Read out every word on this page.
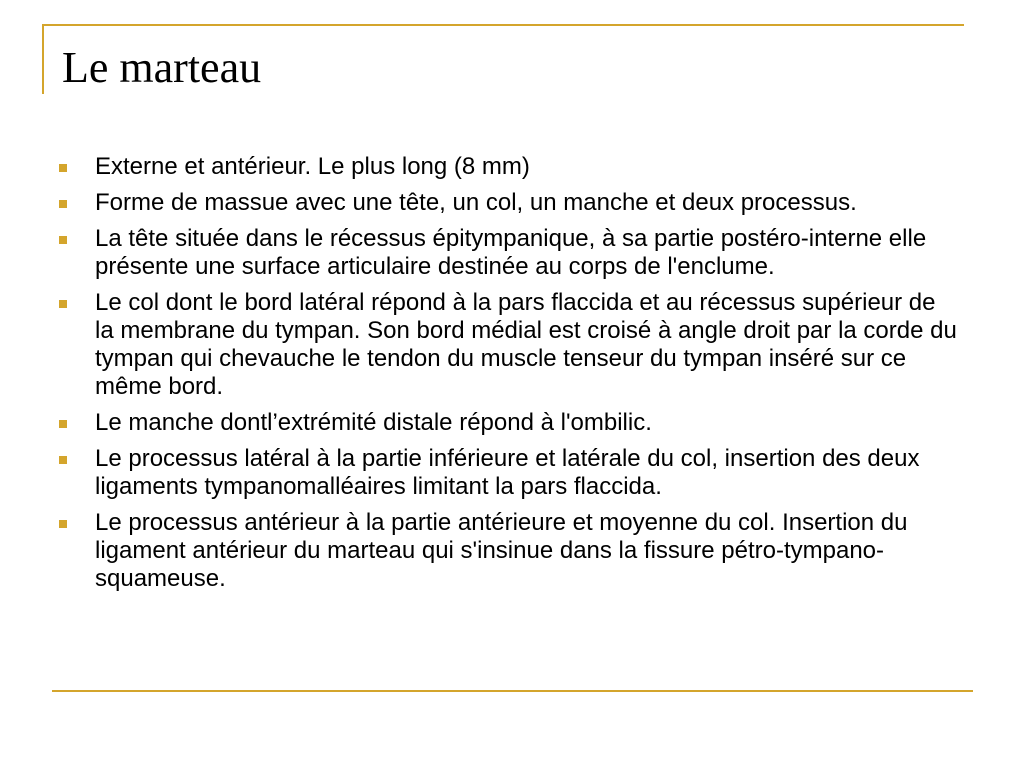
Le marteau
Externe et antérieur. Le plus long (8 mm)
Forme de massue avec une tête, un col, un manche et deux processus.
La tête située dans le récessus épitympanique, à sa partie postéro-interne elle présente une surface articulaire destinée au corps de l'enclume.
Le col dont le bord latéral répond à la pars flaccida et au récessus supérieur de la membrane du tympan. Son bord médial est croisé à angle droit par la corde du tympan qui chevauche le tendon du muscle tenseur du tympan inséré sur ce même bord.
Le manche dontl’extrémité distale répond à l'ombilic.
Le processus latéral à la partie inférieure et latérale du col, insertion des deux ligaments tympanomalléaires limitant la pars flaccida.
Le processus antérieur à la partie antérieure et moyenne du col. Insertion du ligament antérieur du marteau qui s'insinue dans la fissure pétro-tympano-squameuse.
